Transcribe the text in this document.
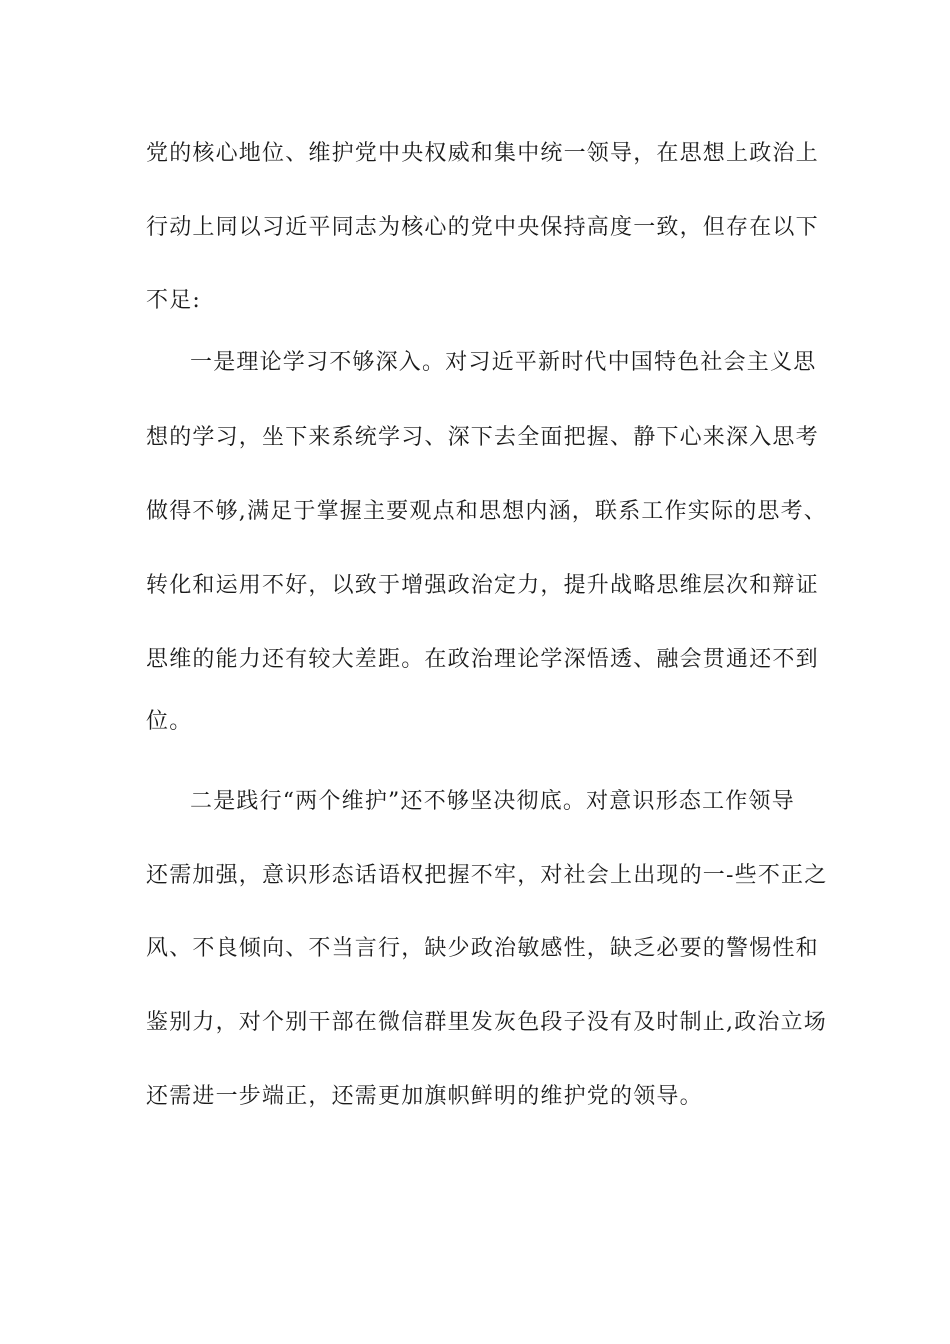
党的核心地位、维护党中央权威和集中统一领导，在思想上政治上
行动上同以习近平同志为核心的党中央保持高度一致，但存在以下
不足:
一是理论学习不够深入。对习近平新时代中国特色社会主义思
想的学习，坐下来系统学习、深下去全面把握、静下心来深入思考
做得不够,满足于掌握主要观点和思想内涵，联系工作实际的思考、
转化和运用不好，以致于增强政治定力，提升战略思维层次和辩证
思维的能力还有较大差距。在政治理论学深悟透、融会贯通还不到
位。
二是践行“两个维护”还不够坚决彻底。对意识形态工作领导
还需加强，意识形态话语权把握不牢，对社会上出现的一-些不正之
风、不良倾向、不当言行，缺少政治敏感性，缺乏必要的警惕性和
鉴别力，对个别干部在微信群里发灰色段子没有及时制止,政治立场
还需进一步端正，还需更加旗帜鲜明的维护党的领导。
